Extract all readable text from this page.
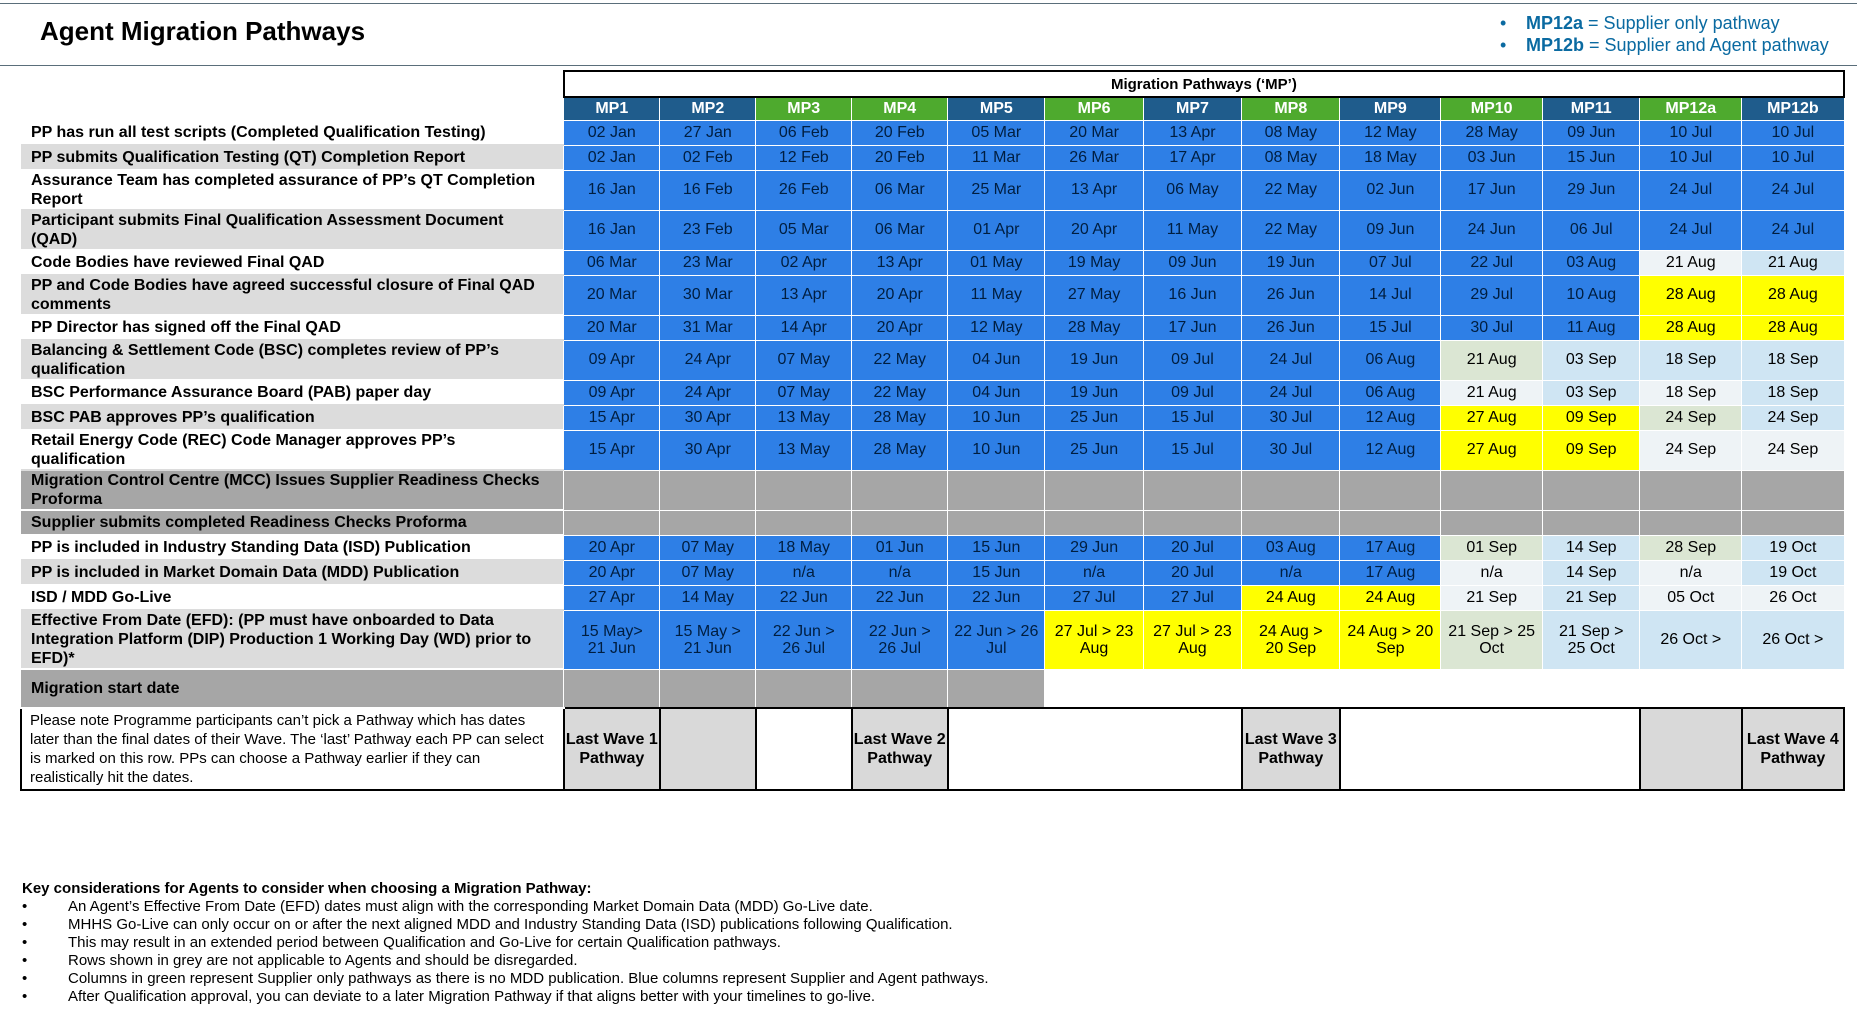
Agent Migration Pathways	• MP12a = Supplier only pathway
• MP12b = Supplier and Agent pathway
	Migration Pathways (‘MP’)												
	MP1	MP2	MP3	MP4	MP5	MP6	MP7	MP8	MP9	MP10	MP11	MP12a	MP12b
PP has run all test scripts (Completed Qualification Testing)	02 Jan	27 Jan	06 Feb	20 Feb	05 Mar	20 Mar	13 Apr	08 May	12 May	28 May	09 Jun	10 Jul	10 Jul
PP submits Qualification Testing (QT) Completion Report	02 Jan	02 Feb	12 Feb	20 Feb	11 Mar	26 Mar	17 Apr	08 May	18 May	03 Jun	15 Jun	10 Jul	10 Jul
Assurance Team has completed assurance of PP’s QT Completion Report	16 Jan	16 Feb	26 Feb	06 Mar	25 Mar	13 Apr	06 May	22 May	02 Jun	17 Jun	29 Jun	24 Jul	24 Jul
Participant submits Final Qualification Assessment Document (QAD)	16 Jan	23 Feb	05 Mar	06 Mar	01 Apr	20 Apr	11 May	22 May	09 Jun	24 Jun	06 Jul	24 Jul	24 Jul
Code Bodies have reviewed Final QAD	06 Mar	23 Mar	02 Apr	13 Apr	01 May	19 May	09 Jun	19 Jun	07 Jul	22 Jul	03 Aug	21 Aug	21 Aug
PP and Code Bodies have agreed successful closure of Final QAD comments	20 Mar	30 Mar	13 Apr	20 Apr	11 May	27 May	16 Jun	26 Jun	14 Jul	29 Jul	10 Aug	28 Aug	28 Aug
PP Director has signed off the Final QAD	20 Mar	31 Mar	14 Apr	20 Apr	12 May	28 May	17 Jun	26 Jun	15 Jul	30 Jul	11 Aug	28 Aug	28 Aug
Balancing & Settlement Code (BSC) completes review of PP’s qualification	09 Apr	24 Apr	07 May	22 May	04 Jun	19 Jun	09 Jul	24 Jul	06 Aug	21 Aug	03 Sep	18 Sep	18 Sep
BSC Performance Assurance Board (PAB) paper day	09 Apr	24 Apr	07 May	22 May	04 Jun	19 Jun	09 Jul	24 Jul	06 Aug	21 Aug	03 Sep	18 Sep	18 Sep
BSC PAB approves PP’s qualification	15 Apr	30 Apr	13 May	28 May	10 Jun	25 Jun	15 Jul	30 Jul	12 Aug	27 Aug	09 Sep	24 Sep	24 Sep
Retail Energy Code (REC) Code Manager approves PP’s qualification	15 Apr	30 Apr	13 May	28 May	10 Jun	25 Jun	15 Jul	30 Jul	12 Aug	27 Aug	09 Sep	24 Sep	24 Sep
Migration Control Centre (MCC) Issues Supplier Readiness Checks Proforma													
Supplier submits completed Readiness Checks Proforma													
PP is included in Industry Standing Data (ISD) Publication	20 Apr	07 May	18 May	01 Jun	15 Jun	29 Jun	20 Jul	03 Aug	17 Aug	01 Sep	14 Sep	28 Sep	19 Oct
PP is included in Market Domain Data (MDD) Publication	20 Apr	07 May	n/a	n/a	15 Jun	n/a	20 Jul	n/a	17 Aug	n/a	14 Sep	n/a	19 Oct
ISD / MDD Go-Live	27 Apr	14 May	22 Jun	22 Jun	22 Jun	27 Jul	27 Jul	24 Aug	24 Aug	21 Sep	21 Sep	05 Oct	26 Oct
Effective From Date (EFD): (PP must have onboarded to Data Integration Platform (DIP) Production 1 Working Day (WD) prior to EFD)*	15 May> 21 Jun	15 May > 21 Jun	22 Jun > 26 Jul	22 Jun > 26 Jul	22 Jun > 26 Jul	27 Jul > 23 Aug	27 Jul > 23 Aug	24 Aug > 20 Sep	24 Aug > 20 Sep	21 Sep > 25 Oct	21 Sep > 25 Oct	26 Oct >	26 Oct >
Migration start date													
Please note Programme participants can’t pick a Pathway which has dates later than the final dates of their Wave. The ‘last’ Pathway each PP can select is marked on this row. PPs can choose a Pathway earlier if they can realistically hit the dates.	Last Wave 1 Pathway			Last Wave 2 Pathway				Last Wave 3 Pathway					Last Wave 4 Pathway
Key considerations for Agents to consider when choosing a Migration Pathway:
• An Agent’s Effective From Date (EFD) dates must align with the corresponding Market Domain Data (MDD) Go-Live date.
• MHHS Go-Live can only occur on or after the next aligned MDD and Industry Standing Data (ISD) publications following Qualification.
• This may result in an extended period between Qualification and Go-Live for certain Qualification pathways.
• Rows shown in grey are not applicable to Agents and should be disregarded.
• Columns in green represent Supplier only pathways as there is no MDD publication. Blue columns represent Supplier and Agent pathways.
• After Qualification approval, you can deviate to a later Migration Pathway if that aligns better with your timelines to go-live.
